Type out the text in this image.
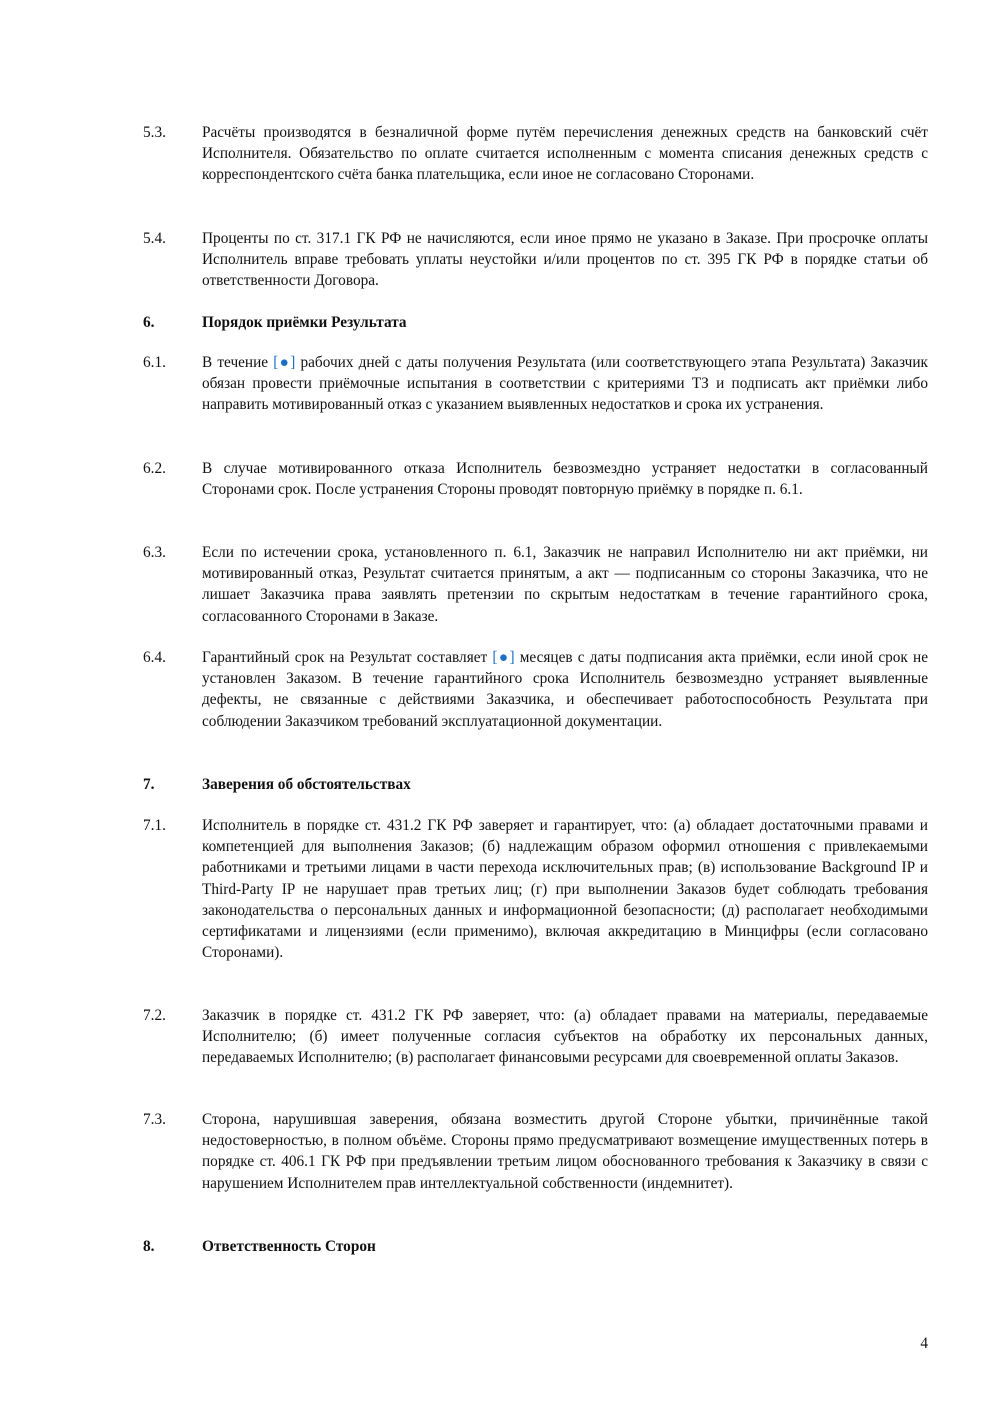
5.3.	Расчёты производятся в безналичной форме путём перечисления денежных средств на банковский счёт Исполнителя. Обязательство по оплате считается исполненным с момента списания денежных средств с корреспондентского счёта банка плательщика, если иное не согласовано Сторонами.
5.4.	Проценты по ст. 317.1 ГК РФ не начисляются, если иное прямо не указано в Заказе. При просрочке оплаты Исполнитель вправе требовать уплаты неустойки и/или процентов по ст. 395 ГК РФ в порядке статьи об ответственности Договора.
6.	Порядок приёмки Результата
6.1.	В течение [●] рабочих дней с даты получения Результата (или соответствующего этапа Результата) Заказчик обязан провести приёмочные испытания в соответствии с критериями ТЗ и подписать акт приёмки либо направить мотивированный отказ с указанием выявленных недостатков и срока их устранения.
6.2.	В случае мотивированного отказа Исполнитель безвозмездно устраняет недостатки в согласованный Сторонами срок. После устранения Стороны проводят повторную приёмку в порядке п. 6.1.
6.3.	Если по истечении срока, установленного п. 6.1, Заказчик не направил Исполнителю ни акт приёмки, ни мотивированный отказ, Результат считается принятым, а акт — подписанным со стороны Заказчика, что не лишает Заказчика права заявлять претензии по скрытым недостаткам в течение гарантийного срока, согласованного Сторонами в Заказе.
6.4.	Гарантийный срок на Результат составляет [●] месяцев с даты подписания акта приёмки, если иной срок не установлен Заказом. В течение гарантийного срока Исполнитель безвозмездно устраняет выявленные дефекты, не связанные с действиями Заказчика, и обеспечивает работоспособность Результата при соблюдении Заказчиком требований эксплуатационной документации.
7.	Заверения об обстоятельствах
7.1.	Исполнитель в порядке ст. 431.2 ГК РФ заверяет и гарантирует, что: (а) обладает достаточными правами и компетенцией для выполнения Заказов; (б) надлежащим образом оформил отношения с привлекаемыми работниками и третьими лицами в части перехода исключительных прав; (в) использование Background IP и Third-Party IP не нарушает прав третьих лиц; (г) при выполнении Заказов будет соблюдать требования законодательства о персональных данных и информационной безопасности; (д) располагает необходимыми сертификатами и лицензиями (если применимо), включая аккредитацию в Минцифры (если согласовано Сторонами).
7.2.	Заказчик в порядке ст. 431.2 ГК РФ заверяет, что: (а) обладает правами на материалы, передаваемые Исполнителю; (б) имеет полученные согласия субъектов на обработку их персональных данных, передаваемых Исполнителю; (в) располагает финансовыми ресурсами для своевременной оплаты Заказов.
7.3.	Сторона, нарушившая заверения, обязана возместить другой Стороне убытки, причинённые такой недостоверностью, в полном объёме. Стороны прямо предусматривают возмещение имущественных потерь в порядке ст. 406.1 ГК РФ при предъявлении третьим лицом обоснованного требования к Заказчику в связи с нарушением Исполнителем прав интеллектуальной собственности (индемнитет).
8.	Ответственность Сторон
4
